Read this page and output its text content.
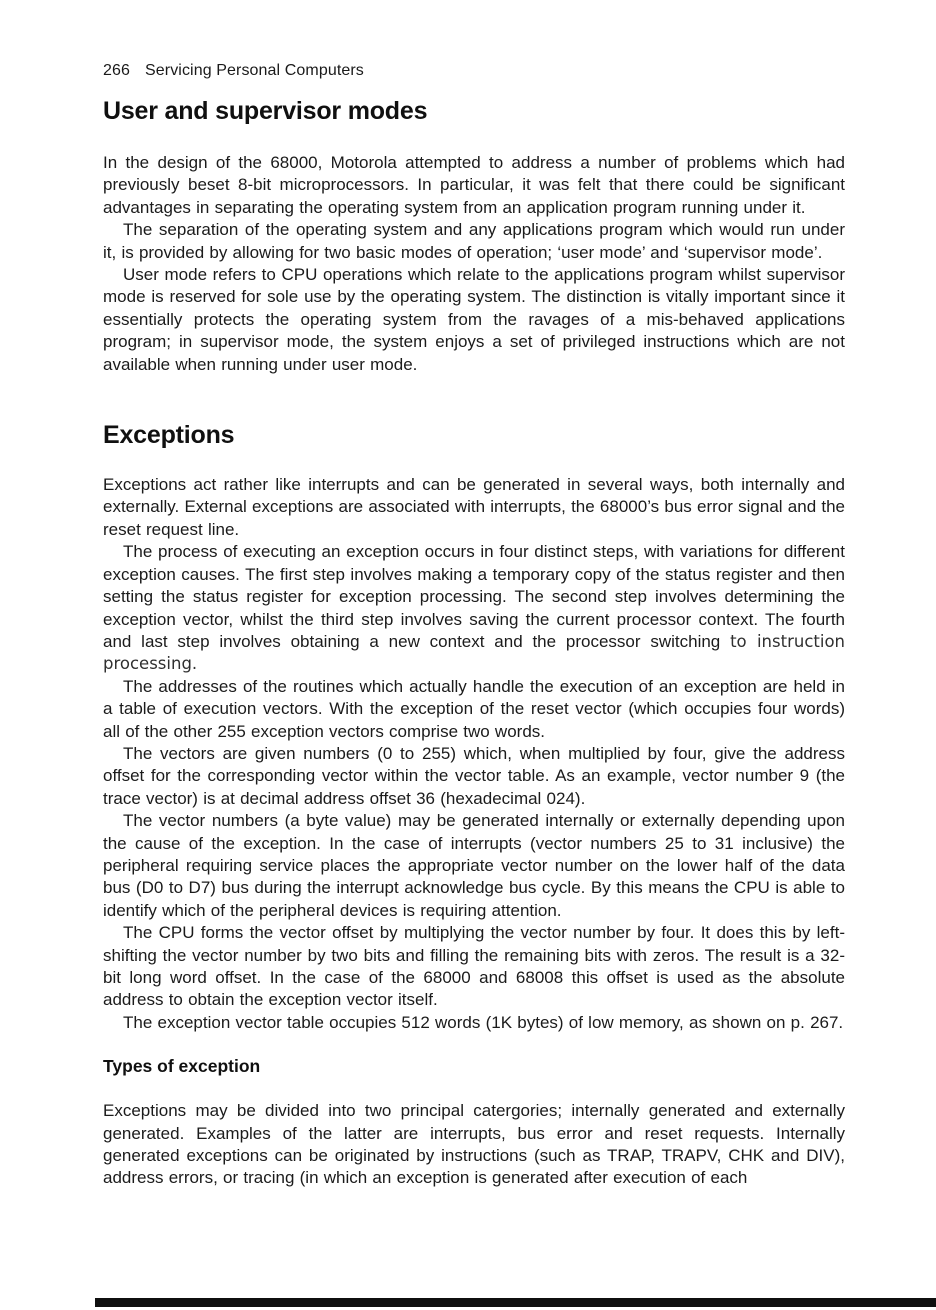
266 Servicing Personal Computers
User and supervisor modes

In the design of the 68000, Motorola attempted to address a number of problems which had previously beset 8-bit microprocessors. In particular, it was felt that there could be significant advantages in separating the operating system from an application program running under it.

The separation of the operating system and any applications program which would run under it, is provided by allowing for two basic modes of operation; ‘user mode’ and ‘supervisor mode’.

User mode refers to CPU operations which relate to the applications program whilst supervisor mode is reserved for sole use by the operating system. The distinction is vitally important since it essentially protects the operating system from the ravages of a mis-behaved applications program; in supervisor mode, the system enjoys a set of privileged instructions which are not available when running under user mode.

Exceptions

Exceptions act rather like interrupts and can be generated in several ways, both internally and externally. External exceptions are associated with interrupts, the 68000’s bus error signal and the reset request line.

The process of executing an exception occurs in four distinct steps, with variations for different exception causes. The first step involves making a temporary copy of the status register and then setting the status register for exception processing. The second step involves determining the exception vector, whilst the third step involves saving the current processor context. The fourth and last step involves obtaining a new context and the processor switching to instruction processing.

The addresses of the routines which actually handle the execution of an exception are held in a table of execution vectors. With the exception of the reset vector (which occupies four words) all of the other 255 exception vectors comprise two words.

The vectors are given numbers (0 to 255) which, when multiplied by four, give the address offset for the corresponding vector within the vector table. As an example, vector number 9 (the trace vector) is at decimal address offset 36 (hexadecimal 024).

The vector numbers (a byte value) may be generated internally or externally depending upon the cause of the exception. In the case of interrupts (vector numbers 25 to 31 inclusive) the peripheral requiring service places the appropriate vector number on the lower half of the data bus (D0 to D7) bus during the interrupt acknowledge bus cycle. By this means the CPU is able to identify which of the peripheral devices is requiring attention.

The CPU forms the vector offset by multiplying the vector number by four. It does this by left-shifting the vector number by two bits and filling the remaining bits with zeros. The result is a 32-bit long word offset. In the case of the 68000 and 68008 this offset is used as the absolute address to obtain the exception vector itself.

The exception vector table occupies 512 words (1K bytes) of low memory, as shown on p. 267.

Types of exception

Exceptions may be divided into two principal catergories; internally generated and externally generated. Examples of the latter are interrupts, bus error and reset requests. Internally generated exceptions can be originated by instructions (such as TRAP, TRAPV, CHK and DIV), address errors, or tracing (in which an exception is generated after execution of each
